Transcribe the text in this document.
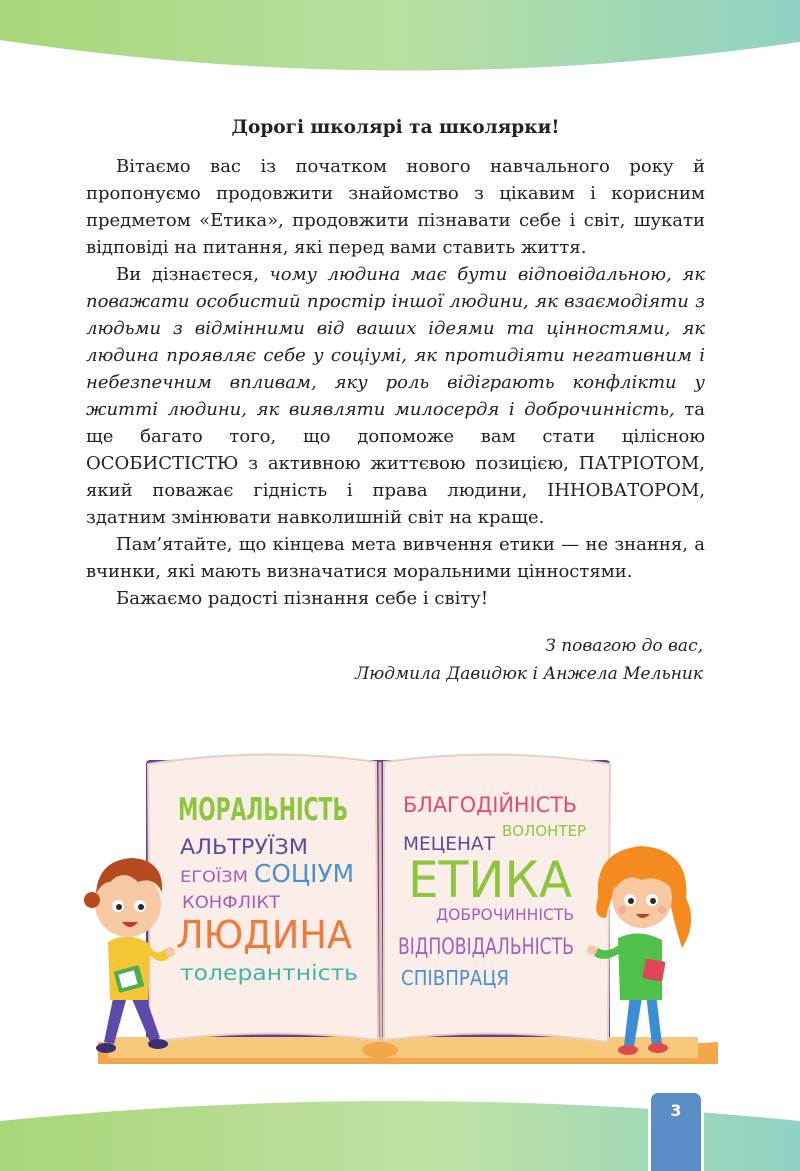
Дорогі школярі та школярки!

Вітаємо вас із початком нового навчального року й пропонуємо продовжити знайомство з цікавим і корисним предметом «Етика», продовжити пізнавати себе і світ, шукати відповіді на питання, які перед вами ставить життя.

Ви дізнаєтеся, чому людина має бути відповідальною, як поважати особистий простір іншої людини, як взаємодіяти з людьми з відмінними від ваших ідеями та цінностями, як людина проявляє себе у соціумі, як протидіяти негативним і небезпечним впливам, яку роль відіграють конфлікти у житті людини, як виявляти милосердя і доброчинність, та ще багато того, що допоможе вам стати цілісною ОСОБИСТІСТЮ з активною життєвою позицією, ПАТРІОТОМ, який поважає гідність і права людини, ІННОВАТОРОМ, здатним змінювати навколишній світ на краще.

Пам’ятайте, що кінцева мета вивчення етики — не знання, а вчинки, які мають визначатися моральними цінностями.

Бажаємо радості пізнання себе і світу!

З повагою до вас,
Людмила Давидюк і Анжела Мельник
МОРАЛЬНІСТЬ
АЛЬТРУЇЗМ
ЕГОЇЗМ СОЦІУМ
КОНФЛІКТ
ЛЮДИНА
толерантність
БЛАГОДІЙНІСТЬ
МЕЦЕНАТ
ВОЛОНТЕР
ЕТИКА
ДОБРОЧИННІСТЬ
ВІДПОВІДАЛЬНІСТЬ
СПІВПРАЦЯ
3
